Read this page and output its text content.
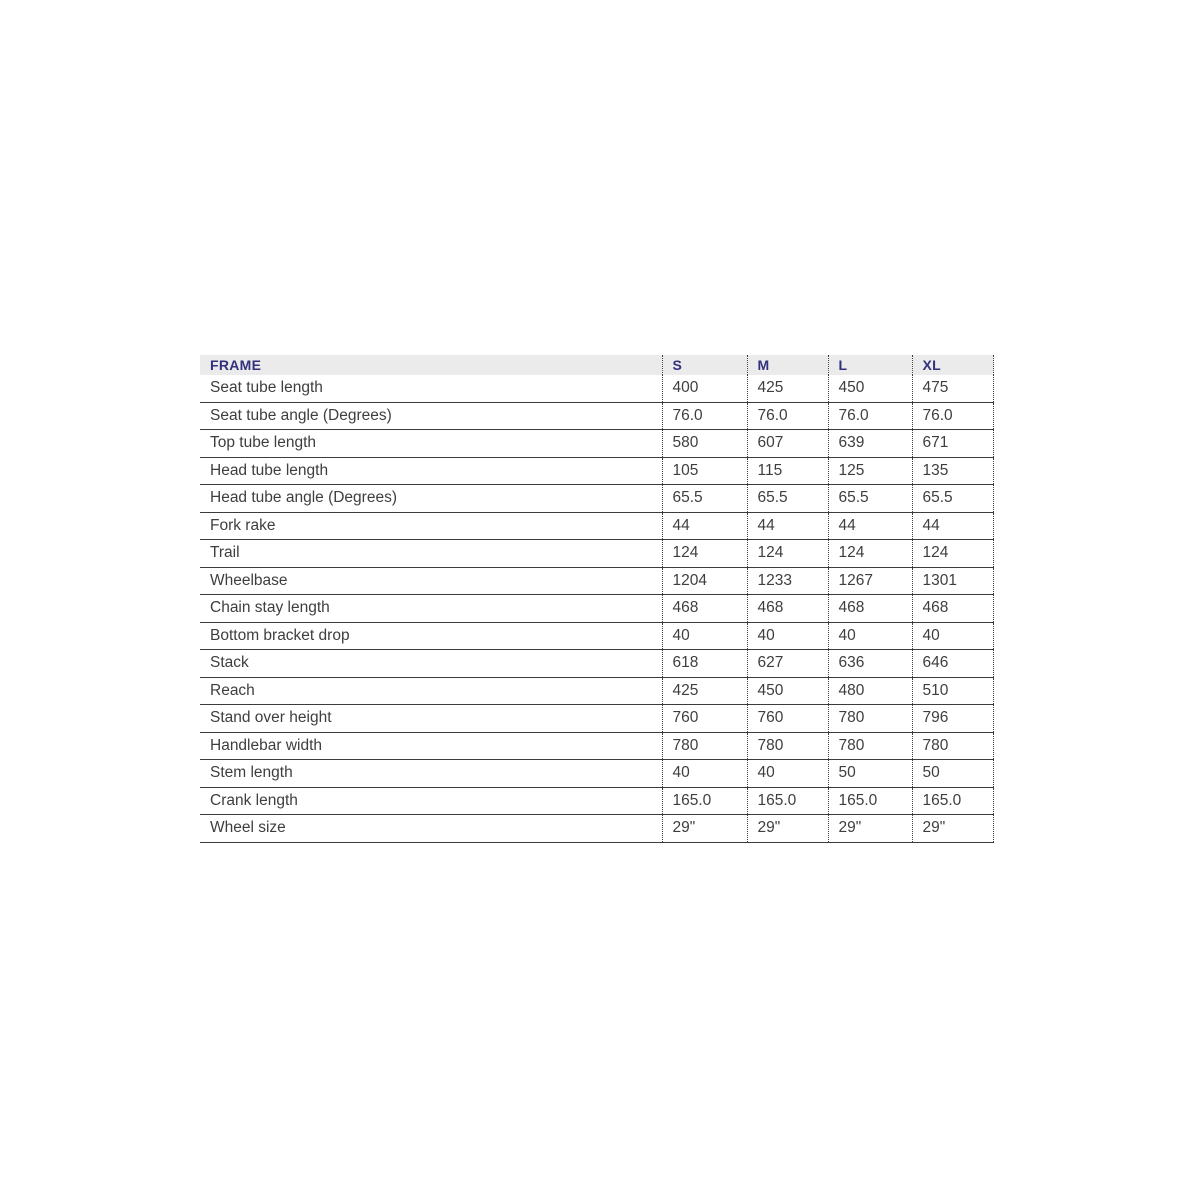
FRAME	S	M	L	XL
Seat tube length	400	425	450	475
Seat tube angle (Degrees)	76.0	76.0	76.0	76.0
Top tube length	580	607	639	671
Head tube length	105	115	125	135
Head tube angle (Degrees)	65.5	65.5	65.5	65.5
Fork rake	44	44	44	44
Trail	124	124	124	124
Wheelbase	1204	1233	1267	1301
Chain stay length	468	468	468	468
Bottom bracket drop	40	40	40	40
Stack	618	627	636	646
Reach	425	450	480	510
Stand over height	760	760	780	796
Handlebar width	780	780	780	780
Stem length	40	40	50	50
Crank length	165.0	165.0	165.0	165.0
Wheel size	29"	29"	29"	29"
